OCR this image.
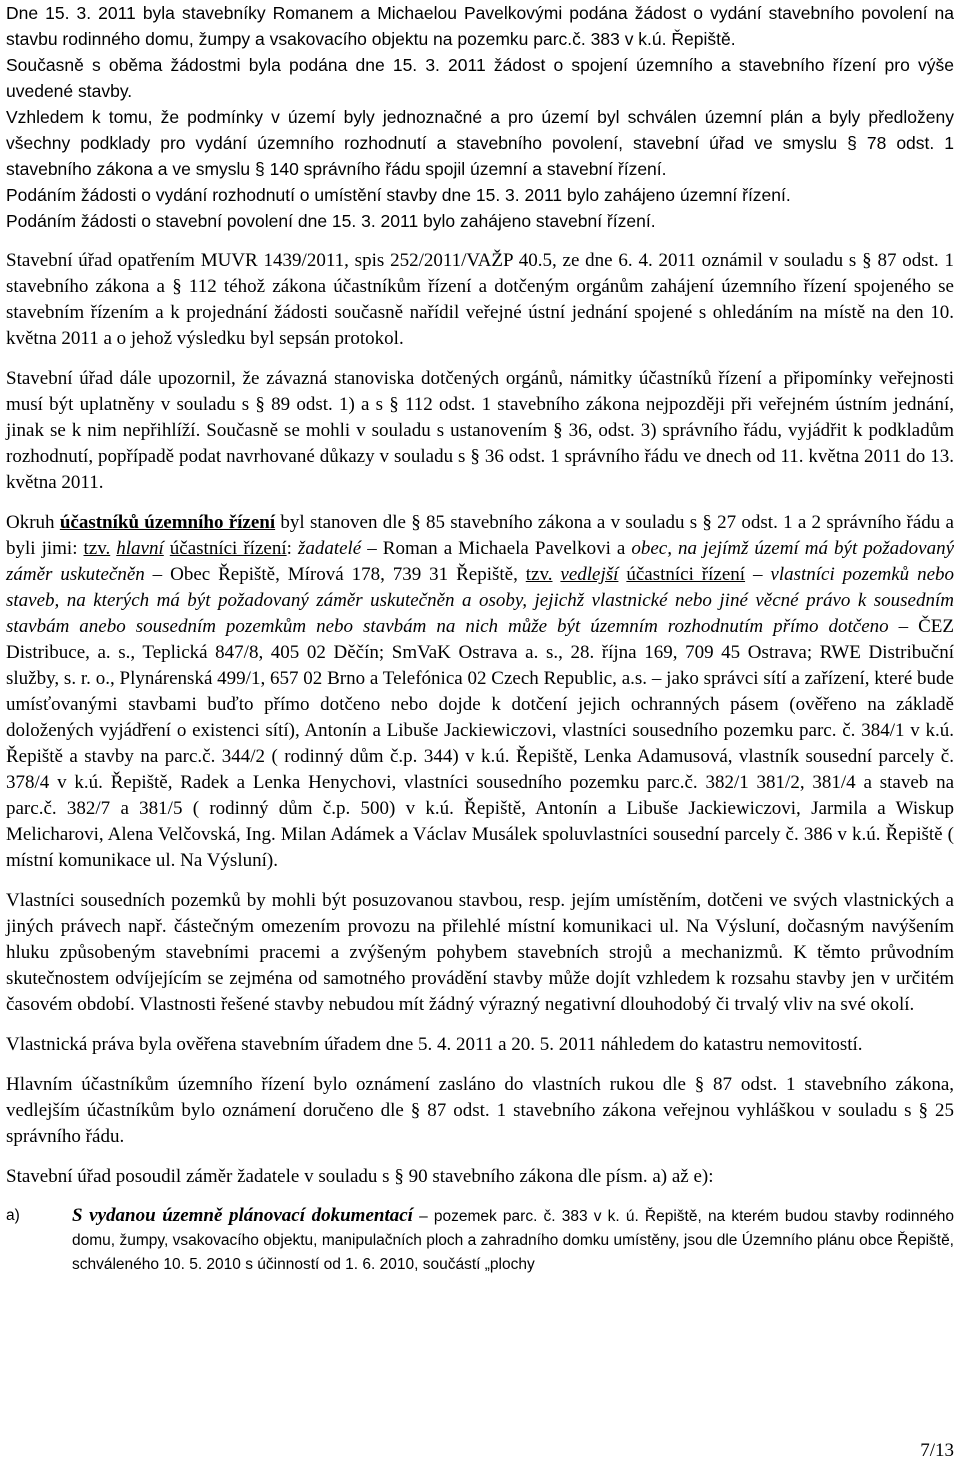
Dne 15. 3. 2011 byla stavebníky Romanem a Michaelou Pavelkovými podána žádost o vydání stavebního povolení na stavbu rodinného domu, žumpy a vsakovacího objektu na pozemku parc.č. 383 v k.ú. Řepiště.

Současně s oběma žádostmi byla podána dne 15. 3. 2011 žádost o spojení územního a stavebního řízení pro výše uvedené stavby.

Vzhledem k tomu, že podmínky v území byly jednoznačné a pro území byl schválen územní plán a byly předloženy všechny podklady pro vydání územního rozhodnutí a stavebního povolení, stavební úřad ve smyslu § 78 odst. 1 stavebního zákona a ve smyslu § 140 správního řádu spojil územní a stavební řízení.

Podáním žádosti o vydání rozhodnutí o umístění stavby dne 15. 3. 2011 bylo zahájeno územní řízení.

Podáním žádosti o stavební povolení dne 15. 3. 2011 bylo zahájeno stavební řízení.

Stavební úřad opatřením MUVR 1439/2011, spis 252/2011/VAŽP 40.5, ze dne 6. 4. 2011 oznámil v souladu s § 87 odst. 1 stavebního zákona a § 112 téhož zákona účastníkům řízení a dotčeným orgánům zahájení územního řízení spojeného se stavebním řízením a k projednání žádosti současně nařídil veřejné ústní jednání spojené s ohledáním na místě na den 10. května 2011 a o jehož výsledku byl sepsán protokol.

Stavební úřad dále upozornil, že závazná stanoviska dotčených orgánů, námitky účastníků řízení a připomínky veřejnosti musí být uplatněny v souladu s § 89 odst. 1) a s § 112 odst. 1 stavebního zákona nejpozději při veřejném ústním jednání, jinak se k nim nepřihlíží. Současně se mohli v souladu s ustanovením § 36, odst. 3) správního řádu, vyjádřit k podkladům rozhodnutí, popřípadě podat navrhované důkazy v souladu s § 36 odst. 1 správního řádu ve dnech od 11. května 2011 do 13. května 2011.

Okruh účastníků územního řízení byl stanoven dle § 85 stavebního zákona a v souladu s § 27 odst. 1 a 2 správního řádu a byli jimi: tzv. hlavní účastníci řízení: žadatelé – Roman a Michaela Pavelkovi a obec, na jejímž území má být požadovaný záměr uskutečněn – Obec Řepiště, Mírová 178, 739 31 Řepiště, tzv. vedlejší účastníci řízení – vlastníci pozemků nebo staveb, na kterých má být požadovaný záměr uskutečněn a osoby, jejichž vlastnické nebo jiné věcné právo k sousedním stavbám anebo sousedním pozemkům nebo stavbám na nich může být územním rozhodnutím přímo dotčeno – ČEZ Distribuce, a. s., Teplická 847/8, 405 02 Děčín; SmVaK Ostrava a. s., 28. října 169, 709 45 Ostrava; RWE Distribuční služby, s. r. o., Plynárenská 499/1, 657 02 Brno a Telefónica 02 Czech Republic, a.s. – jako správci sítí a zařízení, které bude umísťovanými stavbami buďto přímo dotčeno nebo dojde k dotčení jejich ochranných pásem (ověřeno na základě doložených vyjádření o existenci sítí), Antonín a Libuše Jackiewiczovi, vlastníci sousedního pozemku parc. č. 384/1 v k.ú. Řepiště a stavby na parc.č. 344/2 ( rodinný dům č.p. 344) v k.ú. Řepiště, Lenka Adamusová, vlastník sousední parcely č. 378/4 v k.ú. Řepiště, Radek a Lenka Henychovi, vlastníci sousedního pozemku parc.č. 382/1 381/2, 381/4 a staveb na parc.č. 382/7 a 381/5 ( rodinný dům č.p. 500) v k.ú. Řepiště, Antonín a Libuše Jackiewiczovi, Jarmila a Wiskup Melicharovi, Alena Velčovská, Ing. Milan Adámek a Václav Musálek spoluvlastníci sousední parcely č. 386 v k.ú. Řepiště ( místní komunikace ul. Na Výsluní).

Vlastníci sousedních pozemků by mohli být posuzovanou stavbou, resp. jejím umístěním, dotčeni ve svých vlastnických a jiných právech např. částečným omezením provozu na přilehlé místní komunikaci ul. Na Výsluní, dočasným navýšením hluku způsobeným stavebními pracemi a zvýšeným pohybem stavebních strojů a mechanizmů. K těmto průvodním skutečnostem odvíjejícím se zejména od samotného provádění stavby může dojít vzhledem k rozsahu stavby jen v určitém časovém období. Vlastnosti řešené stavby nebudou mít žádný výrazný negativní dlouhodobý či trvalý vliv na své okolí.

Vlastnická práva byla ověřena stavebním úřadem dne 5. 4. 2011 a 20. 5. 2011 náhledem do katastru nemovitostí.

Hlavním účastníkům územního řízení bylo oznámení zasláno do vlastních rukou dle § 87 odst. 1 stavebního zákona, vedlejším účastníkům bylo oznámení doručeno dle § 87 odst. 1 stavebního zákona veřejnou vyhláškou v souladu s § 25 správního řádu.

Stavební úřad posoudil záměr žadatele v souladu s § 90 stavebního zákona dle písm. a) až e):

a)	S vydanou územně plánovací dokumentací – pozemek parc. č. 383 v k. ú. Řepiště, na kterém budou stavby rodinného domu, žumpy, vsakovacího objektu, manipulačních ploch a zahradního domku umístěny, jsou dle Územního plánu obce Řepiště, schváleného 10. 5. 2010 s účinností od 1. 6. 2010, součástí „plochy
7/13
